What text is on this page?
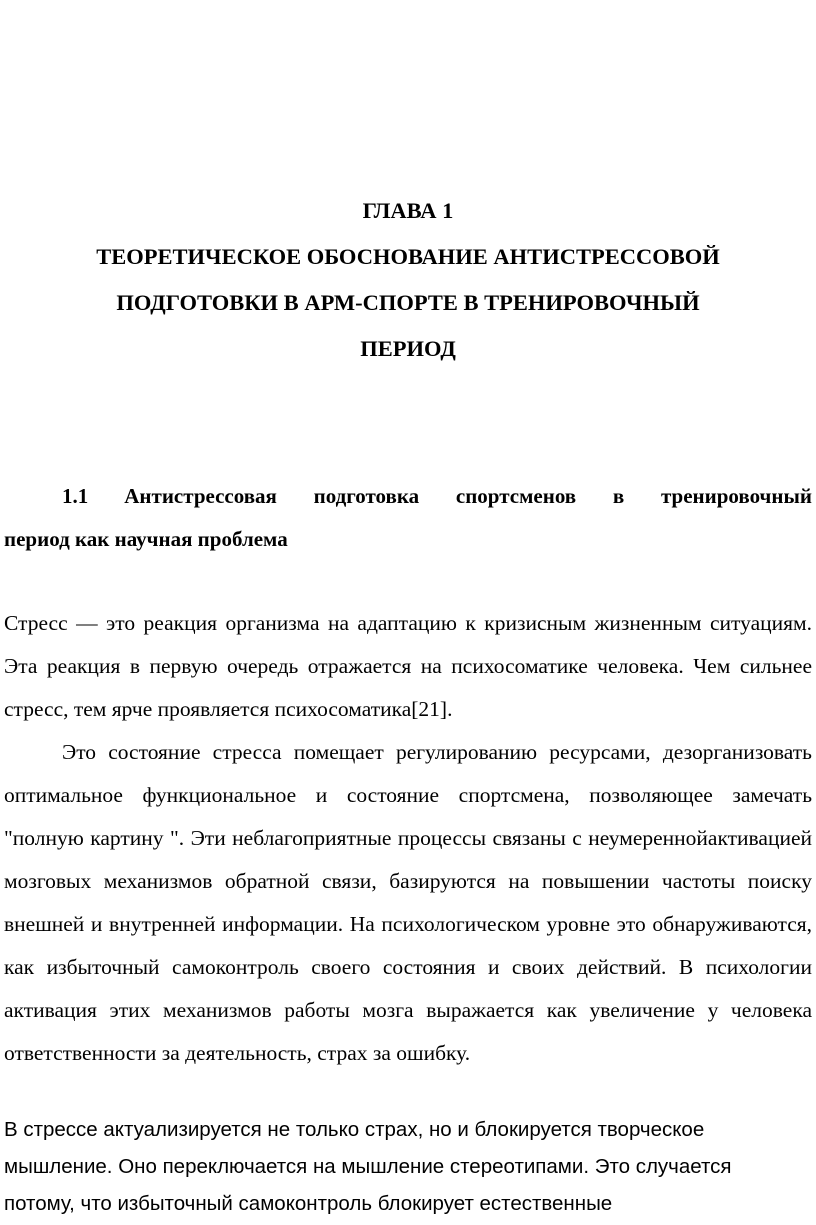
ГЛАВА 1
ТЕОРЕТИЧЕСКОЕ ОБОСНОВАНИЕ АНТИСТРЕССОВОЙ
ПОДГОТОВКИ В АРМ-СПОРТЕ В ТРЕНИРОВОЧНЫЙ
ПЕРИОД
1.1 Антистрессовая подготовка спортсменов в тренировочный
период как научная проблема

Стресс — это реакция организма на адаптацию к кризисным жизненным ситуациям. Эта реакция в первую очередь отражается на психосоматике человека. Чем сильнее стресс, тем ярче проявляется психосоматика[21].

Это состояние стресса помещает регулированию ресурсами, дезорганизовать оптимальное функциональное и состояние спортсмена, позволяющее замечать "полную картину ". Эти неблагоприятные процессы связаны с неумереннойактивацией мозговых механизмов обратной связи, базируются на повышении частоты поиску внешней и внутренней информации. На психологическом уровне это обнаруживаются, как избыточный самоконтроль своего состояния и своих действий. В психологии активация этих механизмов работы мозга выражается как увеличение у человека ответственности за деятельность, страх за ошибку.

В стрессе актуализируется не только страх, но и блокируется творческое
мышление. Оно переключается на мышление стереотипами. Это случается
потому, что избыточный самоконтроль блокирует естественные
